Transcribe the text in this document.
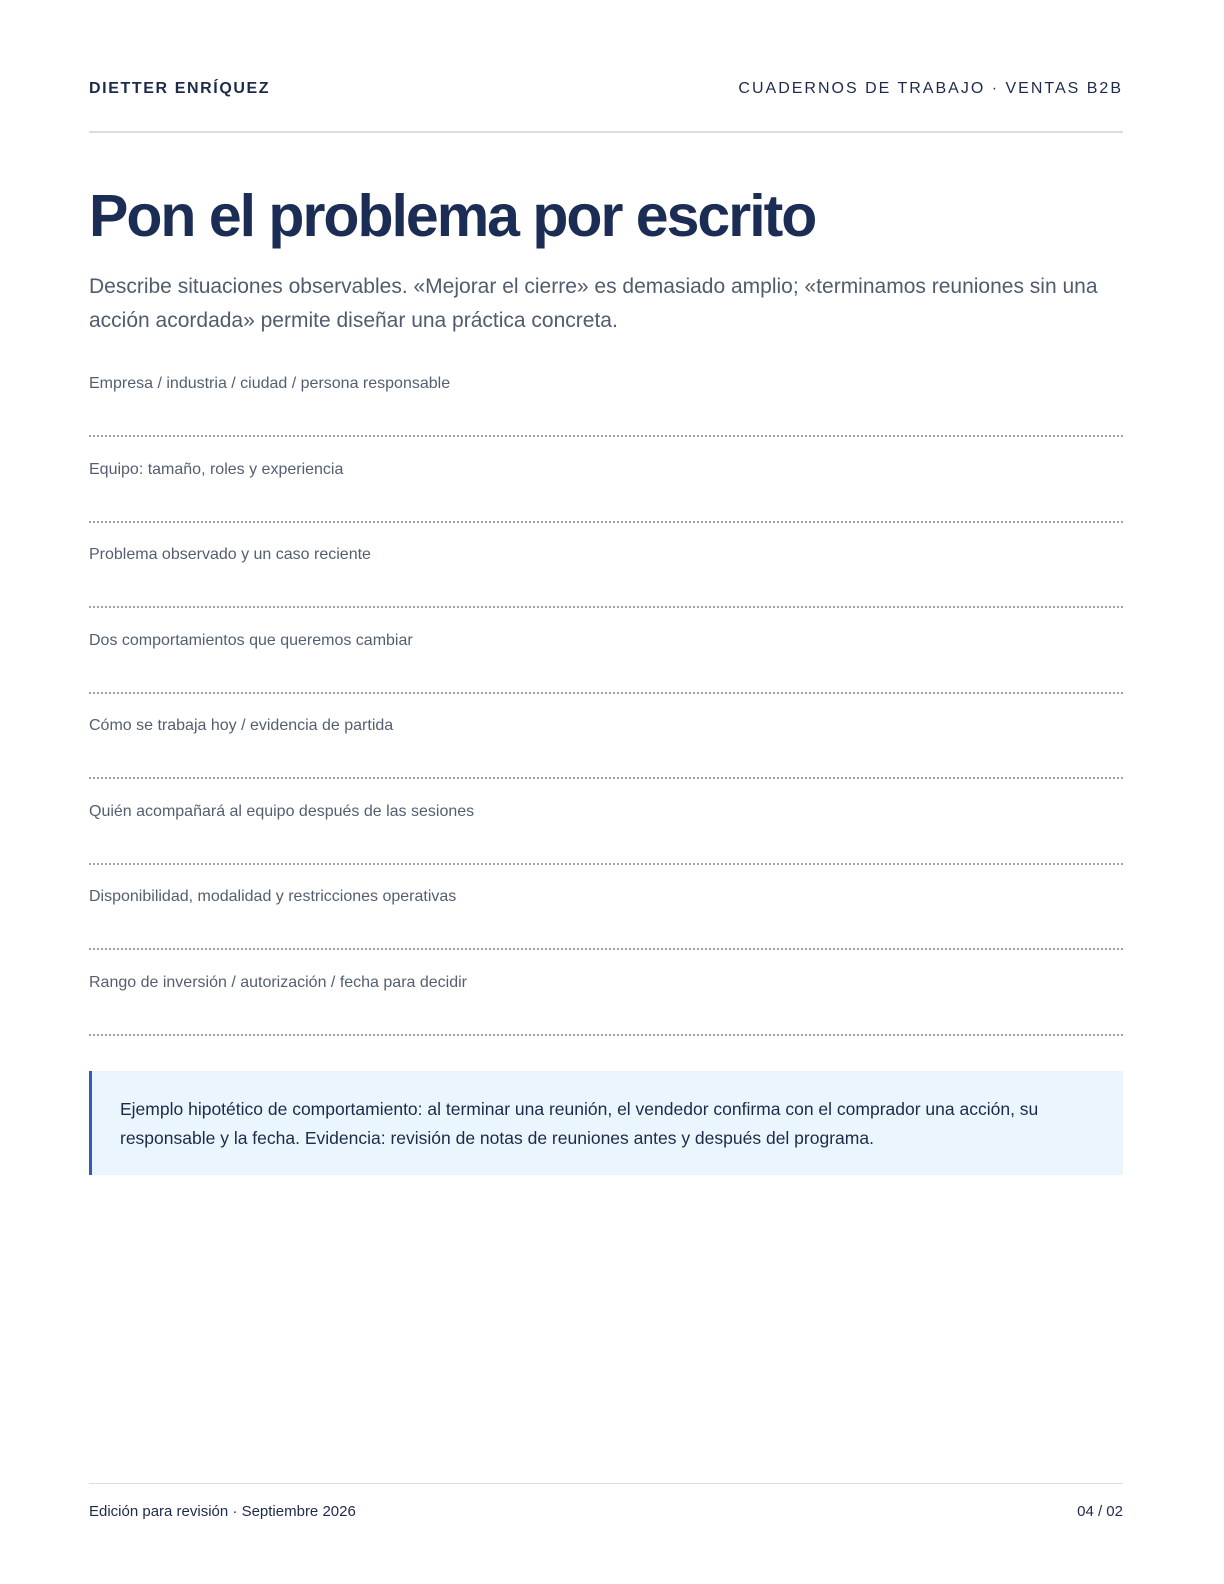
DIETTER ENRÍQUEZ	CUADERNOS DE TRABAJO · VENTAS B2B
Pon el problema por escrito

Describe situaciones observables. «Mejorar el cierre» es demasiado amplio; «terminamos reuniones sin una acción acordada» permite diseñar una práctica concreta.

Empresa / industria / ciudad / persona responsable
Equipo: tamaño, roles y experiencia
Problema observado y un caso reciente
Dos comportamientos que queremos cambiar
Cómo se trabaja hoy / evidencia de partida
Quién acompañará al equipo después de las sesiones
Disponibilidad, modalidad y restricciones operativas
Rango de inversión / autorización / fecha para decidir

Ejemplo hipotético de comportamiento: al terminar una reunión, el vendedor confirma con el comprador una acción, su responsable y la fecha. Evidencia: revisión de notas de reuniones antes y después del programa.

Edición para revisión · Septiembre 2026	04 / 02
